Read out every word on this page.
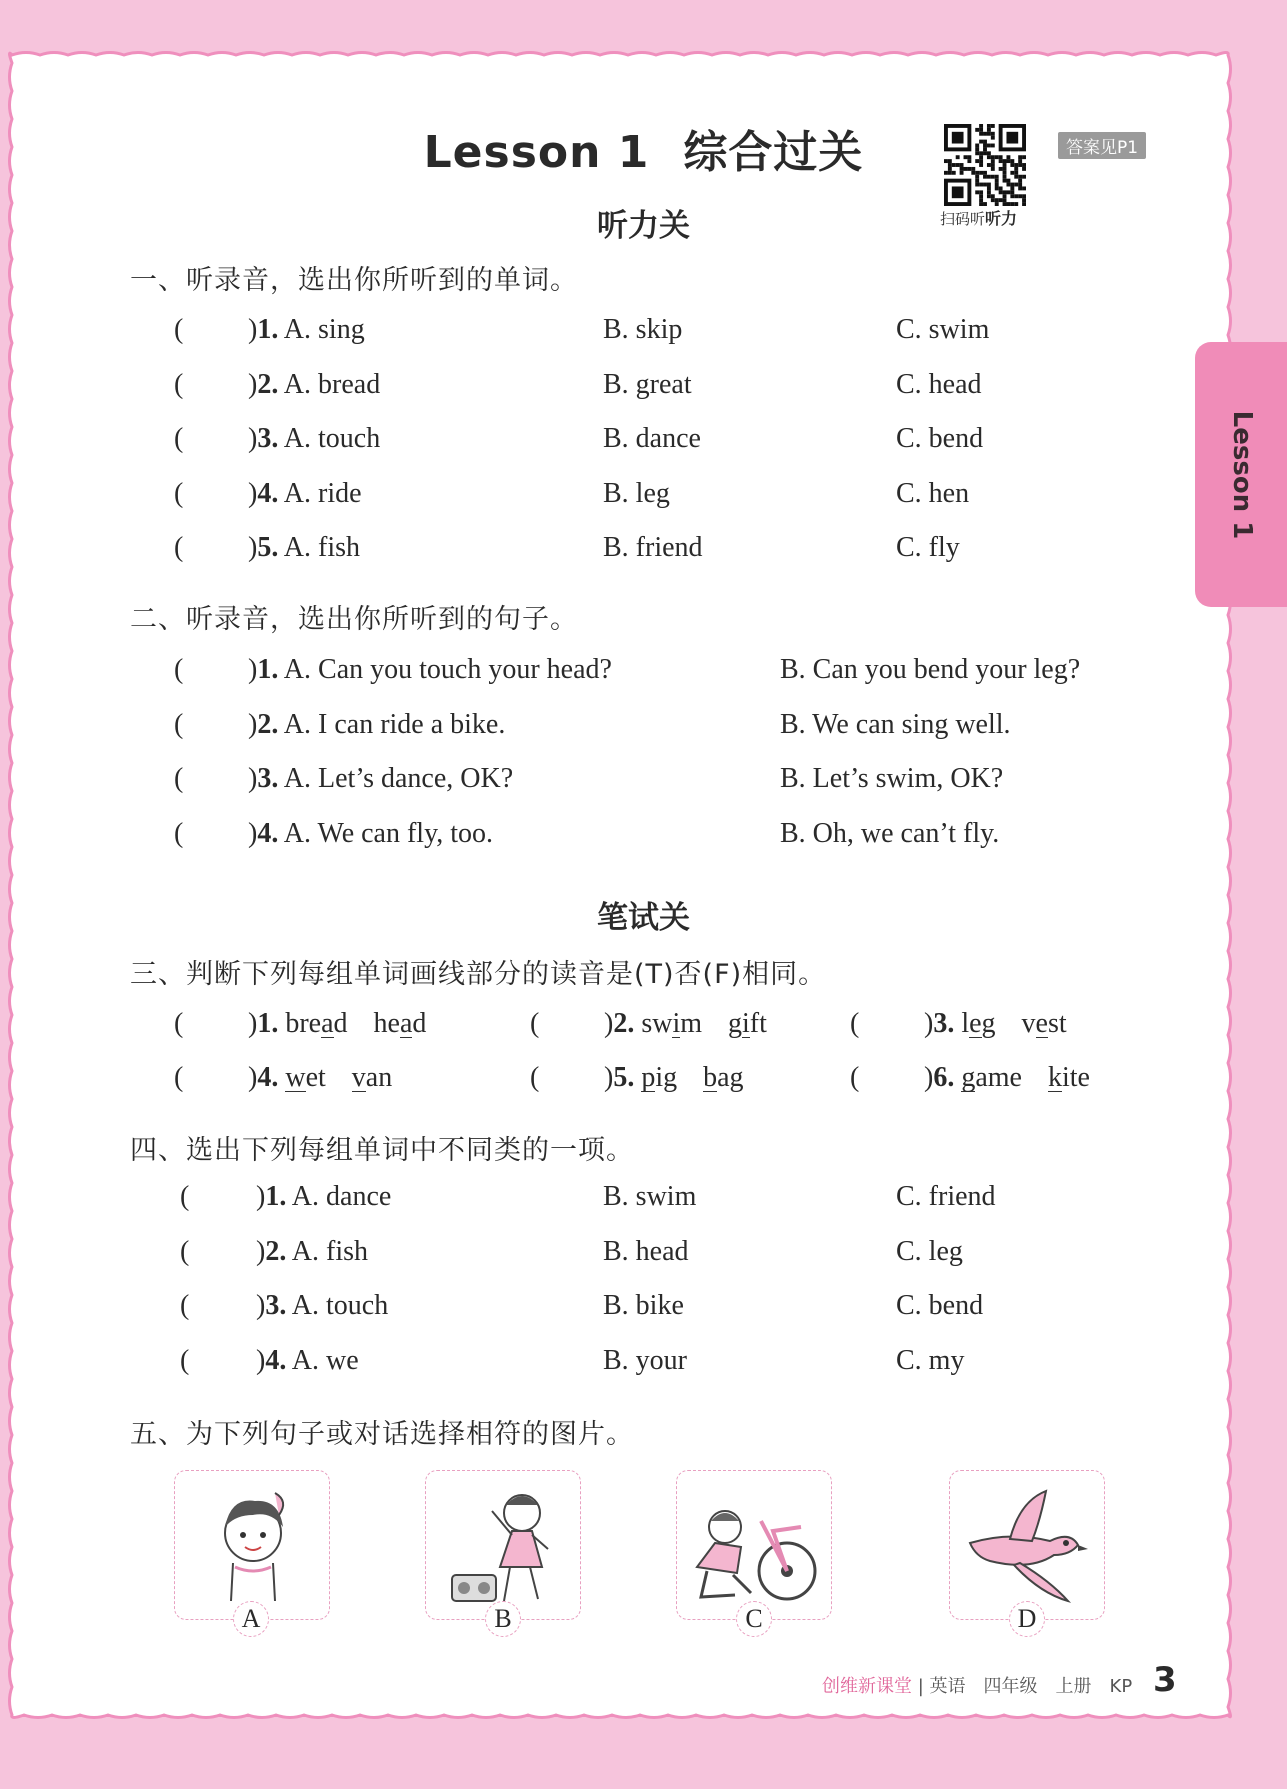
Lesson 1 综合过关
扫码听听力
答案见P1
Lesson 1
听力关
一、听录音，选出你所听到的单词。
( )1. A. sing	B. skip	C. swim
( )2. A. bread	B. great	C. head
( )3. A. touch	B. dance	C. bend
( )4. A. ride	B. leg	C. hen
( )5. A. fish	B. friend	C. fly
二、听录音，选出你所听到的句子。
( )1. A. Can you touch your head?	B. Can you bend your leg?
( )2. A. I can ride a bike.	B. We can sing well.
( )3. A. Let’s dance, OK?	B. Let’s swim, OK?
( )4. A. We can fly, too.	B. Oh, we can’t fly.
笔试关
三、判断下列每组单词画线部分的读音是(T)否(F)相同。
( )1. bread head	( )2. swim gift	( )3. leg vest
( )4. wet van	( )5. pig bag	( )6. game kite
四、选出下列每组单词中不同类的一项。
( )1. A. dance	B. swim	C. friend
( )2. A. fish	B. head	C. leg
( )3. A. touch	B. bike	C. bend
( )4. A. we	B. your	C. my
五、为下列句子或对话选择相符的图片。
A	B	C	D
创维新课堂 | 英语　四年级　上册　KP 3
